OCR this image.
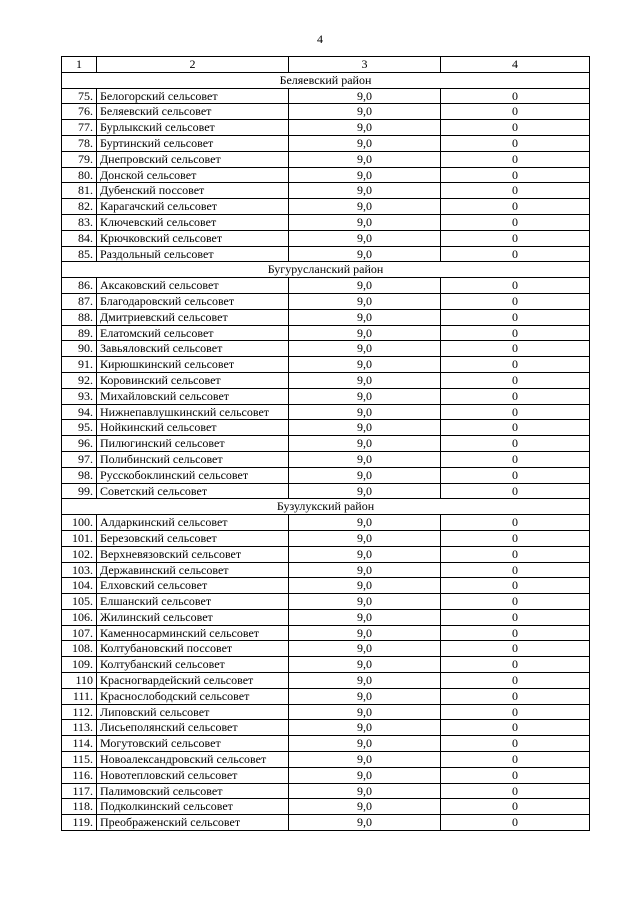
4
1	2	3	4
Беляевский район			
75.	Белогорский сельсовет	9,0	0
76.	Беляевский сельсовет	9,0	0
77.	Бурлыкский сельсовет	9,0	0
78.	Буртинский сельсовет	9,0	0
79.	Днепровский сельсовет	9,0	0
80.	Донской сельсовет	9,0	0
81.	Дубенский поссовет	9,0	0
82.	Карагачский сельсовет	9,0	0
83.	Ключевский сельсовет	9,0	0
84.	Крючковский сельсовет	9,0	0
85.	Раздольный сельсовет	9,0	0
Бугурусланский район			
86.	Аксаковский сельсовет	9,0	0
87.	Благодаровский сельсовет	9,0	0
88.	Дмитриевский сельсовет	9,0	0
89.	Елатомский сельсовет	9,0	0
90.	Завьяловский сельсовет	9,0	0
91.	Кирюшкинский сельсовет	9,0	0
92.	Коровинский сельсовет	9,0	0
93.	Михайловский сельсовет	9,0	0
94.	Нижнепавлушкинский сельсовет	9,0	0
95.	Нойкинский сельсовет	9,0	0
96.	Пилюгинский сельсовет	9,0	0
97.	Полибинский сельсовет	9,0	0
98.	Русскобоклинский сельсовет	9,0	0
99.	Советский сельсовет	9,0	0
Бузулукский район			
100.	Алдаркинский сельсовет	9,0	0
101.	Березовский сельсовет	9,0	0
102.	Верхневязовский сельсовет	9,0	0
103.	Державинский сельсовет	9,0	0
104.	Елховский сельсовет	9,0	0
105.	Елшанский сельсовет	9,0	0
106.	Жилинский сельсовет	9,0	0
107.	Каменносарминский сельсовет	9,0	0
108.	Колтубановский поссовет	9,0	0
109.	Колтубанский сельсовет	9,0	0
110	Красногвардейский сельсовет	9,0	0
111.	Краснослободский сельсовет	9,0	0
112.	Липовский сельсовет	9,0	0
113.	Лисьеполянский сельсовет	9,0	0
114.	Могутовский сельсовет	9,0	0
115.	Новоалександровский сельсовет	9,0	0
116.	Новотепловский сельсовет	9,0	0
117.	Палимовский сельсовет	9,0	0
118.	Подколкинский сельсовет	9,0	0
119.	Преображенский сельсовет	9,0	0
